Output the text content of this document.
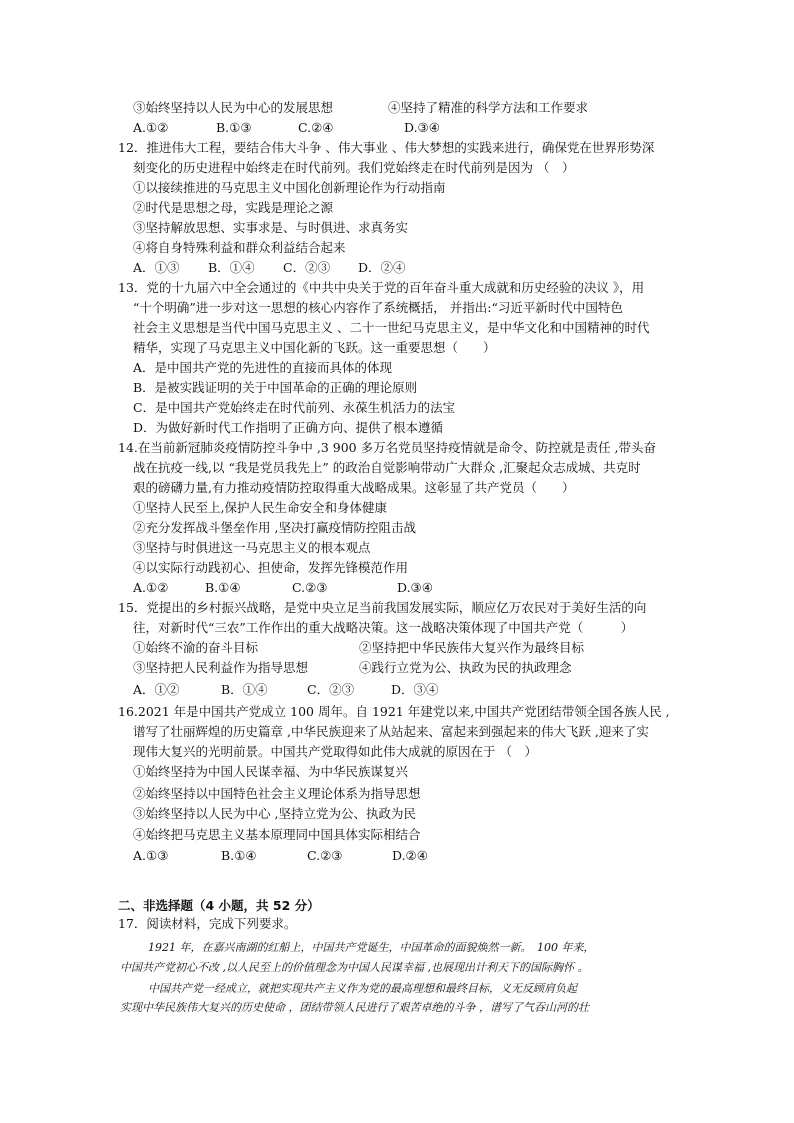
③始终坚持以人民为中心的发展思想	④坚持了精准的科学方法和工作要求
A.①②	B.①③	C.②④	D.③④
12．推进伟大工程，要结合伟大斗争 、伟大事业 、伟大梦想的实践来进行，确保党在世界形势深
刻变化的历史进程中始终走在时代前列。我们党始终走在时代前列是因为 （　）
①以接续推进的马克思主义中国化创新理论作为行动指南
②时代是思想之母，实践是理论之源
③坚持解放思想、实事求是、与时俱进、求真务实
④将自身特殊利益和群众利益结合起来
A．①③	B．①④	C．②③	D．②④
13．党的十九届六中全会通过的《中共中央关于党的百年奋斗重大成就和历史经验的决议 》，用
“十个明确”进一步对这一思想的核心内容作了系统概括， 并指出:“习近平新时代中国特色
社会主义思想是当代中国马克思主义 、二十一世纪马克思主义，是中华文化和中国精神的时代
精华，实现了马克思主义中国化新的飞跃。这一重要思想（　　）
A．是中国共产党的先进性的直接而具体的体现
B．是被实践证明的关于中国革命的正确的理论原则
C．是中国共产党始终走在时代前列、永葆生机活力的法宝
D．为做好新时代工作指明了正确方向、提供了根本遵循
14.在当前新冠肺炎疫情防控斗争中 ,3 900 多万名党员坚持疫情就是命令、防控就是责任 ,带头奋
战在抗疫一线,以 “我是党员我先上” 的政治自觉影响带动广大群众 ,汇聚起众志成城、共克时
艰的磅礴力量,有力推动疫情防控取得重大战略成果。这彰显了共产党员（　　）
①坚持人民至上,保护人民生命安全和身体健康
②充分发挥战斗堡垒作用 ,坚决打赢疫情防控阻击战
③坚持与时俱进这一马克思主义的根本观点
④以实际行动践初心、担使命，发挥先锋模范作用
A.①②	B.①④	C.②③	D.③④
15．党提出的乡村振兴战略，是党中央立足当前我国发展实际，顺应亿万农民对于美好生活的向
往，对新时代“三农”工作作出的重大战略决策。这一战略决策体现了中国共产党（　　　）
①始终不渝的奋斗目标	②坚持把中华民族伟大复兴作为最终目标
③坚持把人民利益作为指导思想	④践行立党为公、执政为民的执政理念
A．①②	B．①④	C．②③	D．③④
16.2021 年是中国共产党成立 100 周年。自 1921 年建党以来,中国共产党团结带领全国各族人民 ,
谱写了壮丽辉煌的历史篇章 ,中华民族迎来了从站起来、富起来到强起来的伟大飞跃 ,迎来了实
现伟大复兴的光明前景。中国共产党取得如此伟大成就的原因在于 （　）
①始终坚持为中国人民谋幸福、为中华民族谋复兴
②始终坚持以中国特色社会主义理论体系为指导思想
③始终坚持以人民为中心 ,坚持立党为公、执政为民
④始终把马克思主义基本原理同中国具体实际相结合
A.①③	B.①④	C.②③	D.②④
二、非选择题（4 小题，共 52 分）
17．阅读材料，完成下列要求。
1921 年，在嘉兴南湖的红船上，中国共产党诞生，中国革命的面貌焕然一新。　100 年来，
中国共产党初心不改 ,以人民至上的价值理念为中国人民谋幸福 ,也展现出计利天下的国际胸怀 。
中国共产党一经成立，就把实现共产主义作为党的最高理想和最终目标，义无反顾肩负起
实现中华民族伟大复兴的历史使命 ，团结带领人民进行了艰苦卓绝的斗争 ，谱写了气吞山河的壮
